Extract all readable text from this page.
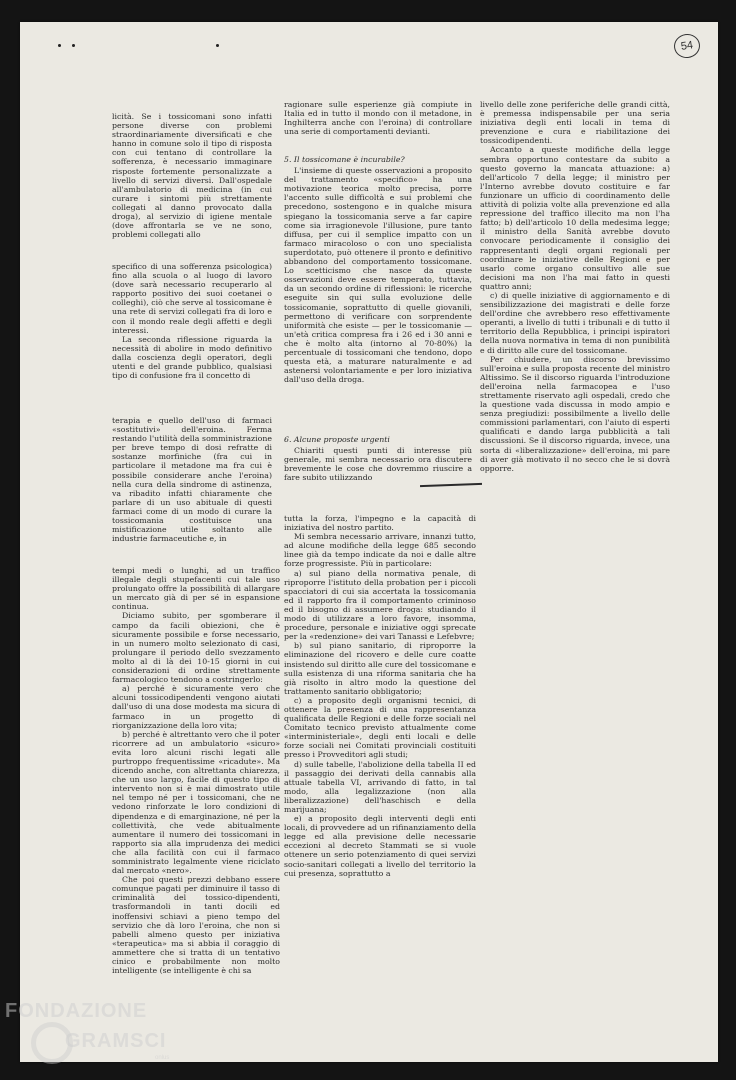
54

licità. Se i tossicomani sono infatti persone diverse con problemi straordinariamente diversificati e che hanno in comune solo il tipo di risposta con cui tentano di controllare la sofferenza, è necessario immaginare risposte fortemente personalizzate a livello di servizi diversi. Dall'ospedale all'ambulatorio di medicina (in cui curare i sintomi più strettamente collegati al danno provocato dalla droga), al servizio di igiene mentale (dove affrontarla se ve ne sono, problemi collegati allo

specifico di una sofferenza psicologica) fino alla scuola o al luogo di lavoro (dove sarà necessario recuperarlo al rapporto positivo dei suoi coetanei o colleghi), ciò che serve al tossicomane è una rete di servizi collegati fra di loro e con il mondo reale degli affetti e degli interessi.

La seconda riflessione riguarda la necessità di abolire in modo definitivo dalla coscienza degli operatori, degli utenti e del grande pubblico, qualsiasi tipo di confusione fra il concetto di

terapia e quello dell'uso di farmaci «sostitutivi» dell'eroina. Ferma restando l'utilità della somministrazione per breve tempo di dosi refratte di sostanze morfiniche (fra cui in particolare il metadone ma fra cui è possibile considerare anche l'eroina) nella cura della sindrome di astinenza, va ribadito infatti chiaramente che parlare di un uso abituale di questi farmaci come di un modo di curare la tossicomania costituisce una mistificazione utile soltanto alle industrie farmaceutiche e, in

tempi medi o lunghi, ad un traffico illegale degli stupefacenti cui tale uso prolungato offre la possibilità di allargare un mercato già di per sé in espansione continua.

Diciamo subito, per sgomberare il campo da facili obiezioni, che è sicuramente possibile e forse necessario, in un numero molto selezionato di casi, prolungare il periodo dello svezzamento molto al di là dei 10-15 giorni in cui considerazioni di ordine strettamente farmacologico tendono a costringerlo:

a) perché è sicuramente vero che alcuni tossicodipendenti vengono aiutati dall'uso di una dose modesta ma sicura di farmaco in un progetto di riorganizzazione della loro vita;

b) perché è altrettanto vero che il poter ricorrere ad un ambulatorio «sicuro» evita loro alcuni rischi legati alle purtroppo frequentissime «ricadute». Ma dicendo anche, con altrettanta chiarezza, che un uso largo, facile di questo tipo di intervento non si è mai dimostrato utile nel tempo né per i tossicomani, che ne vedono rinforzate le loro condizioni di dipendenza e di emarginazione, né per la collettività, che vede abitualmente aumentare il numero dei tossicomani in rapporto sia alla imprudenza dei medici che alla facilità con cui il farmaco somministrato legalmente viene riciclato dal mercato «nero».

Che poi questi prezzi debbano essere comunque pagati per diminuire il tasso di criminalità del tossico-dipendenti, trasformandoli in tanti docili ed inoffensivi schiavi a pieno tempo del servizio che dà loro l'eroina, che non si pabelli almeno questo per iniziativa «terapeutica» ma si abbia il coraggio di ammettere che si tratta di un tentativo cinico e probabilmente non molto intelligente (se intelligente è chi sa

ragionare sulle esperienze già compiute in Italia ed in tutto il mondo con il metadone, in Inghilterra anche con l'eroina) di controllare una serie di comportamenti devianti.

5. Il tossicomane è incurabile?

L'insieme di queste osservazioni a proposito del trattamento «specifico» ha una motivazione teorica molto precisa, porre l'accento sulle difficoltà e sui problemi che precedono, sostengono e in qualche misura spiegano la tossicomania serve a far capire come sia irragionevole l'illusione, pure tanto diffusa, per cui il semplice impatto con un farmaco miracoloso o con uno specialista superdotato, può ottenere il pronto e definitivo abbandono del comportamento tossicomane. Lo scetticismo che nasce da queste osservazioni deve essere temperato, tuttavia, da un secondo ordine di riflessioni: le ricerche eseguite sin qui sulla evoluzione delle tossicomanie, soprattutto di quelle giovanili, permettono di verificare con sorprendente uniformità che esiste — per le tossicomanie — un'età critica compresa fra i 26 ed i 30 anni e che è molto alta (intorno al 70-80%) la percentuale di tossicomani che tendono, dopo questa età, a maturare naturalmente e ad astenersi volontariamente e per loro iniziativa dall'uso della droga.

6. Alcune proposte urgenti

Chiariti questi punti di interesse più generale, mi sembra necessario ora discutere brevemente le cose che dovremmo riuscire a fare subito utilizzando

tutta la forza, l'impegno e la capacità di iniziativa del nostro partito.

Mi sembra necessario arrivare, innanzi tutto, ad alcune modifiche della legge 685 secondo linee già da tempo indicate da noi e dalle altre forze progressiste. Più in particolare:

a) sul piano della normativa penale, di riproporre l'istituto della probation per i piccoli spacciatori di cui sia accertata la tossicomania ed il rapporto fra il comportamento criminoso ed il bisogno di assumere droga: studiando il modo di utilizzare a loro favore, insomma, procedure, personale e iniziative oggi sprecate per la «redenzione» dei vari Tanassi e Lefebvre;

b) sul piano sanitario, di riproporre la eliminazione del ricovero e delle cure coatte insistendo sul diritto alle cure del tossicomane e sulla esistenza di una riforma sanitaria che ha già risolto in altro modo la questione del trattamento sanitario obbligatorio;

c) a proposito degli organismi tecnici, di ottenere la presenza di una rappresentanza qualificata delle Regioni e delle forze sociali nel Comitato tecnico previsto attualmente come «interministeriale», degli enti locali e delle forze sociali nei Comitati provinciali costituiti presso i Provveditori agli studi;

d) sulle tabelle, l'abolizione della tabella II ed il passaggio dei derivati della cannabis alla attuale tabella VI, arrivando di fatto, in tal modo, alla legalizzazione (non alla liberalizzazione) dell'haschisch e della marijuana;

e) a proposito degli interventi degli enti locali, di provvedere ad un rifinanziamento della legge ed alla previsione delle necessarie eccezioni al decreto Stammati se si vuole ottenere un serio potenziamento di quei servizi socio-sanitari collegati a livello del territorio la cui presenza, soprattutto a

livello delle zone periferiche delle grandi città, è premessa indispensabile per una seria iniziativa degli enti locali in tema di prevenzione e cura e riabilitazione dei tossicodipendenti.

Accanto a queste modifiche della legge sembra opportuno contestare da subito a questo governo la mancata attuazione: a) dell'articolo 7 della legge; il ministro per l'Interno avrebbe dovuto costituire e far funzionare un ufficio di coordinamento delle attività di polizia volte alla prevenzione ed alla repressione del traffico illecito ma non l'ha fatto; b) dell'articolo 10 della medesima legge; il ministro della Sanità avrebbe dovuto convocare periodicamente il consiglio dei rappresentanti degli organi regionali per coordinare le iniziative delle Regioni e per usarlo come organo consultivo alle sue decisioni ma non l'ha mai fatto in questi quattro anni;

c) di quelle iniziative di aggiornamento e di sensibilizzazione dei magistrati e delle forze dell'ordine che avrebbero reso effettivamente operanti, a livello di tutti i tribunali e di tutto il territorio della Repubblica, i principi ispiratori della nuova normativa in tema di non punibilità e di diritto alle cure del tossicomane.

Per chiudere, un discorso brevissimo sull'eroina e sulla proposta recente del ministro Altissimo. Se il discorso riguarda l'introduzione dell'eroina nella farmacopea e l'uso strettamente riservato agli ospedali, credo che la questione vada discussa in modo ampio e senza pregiudizi: possibilmente a livello delle commissioni parlamentari, con l'aiuto di esperti qualificati e dando larga pubblicità a tali discussioni. Se il discorso riguarda, invece, una sorta di «liberalizzazione» dell'eroina, mi pare di aver già motivato il no secco che le si dovrà opporre.

FONDAZIONE
GRAMSCI
onlus
